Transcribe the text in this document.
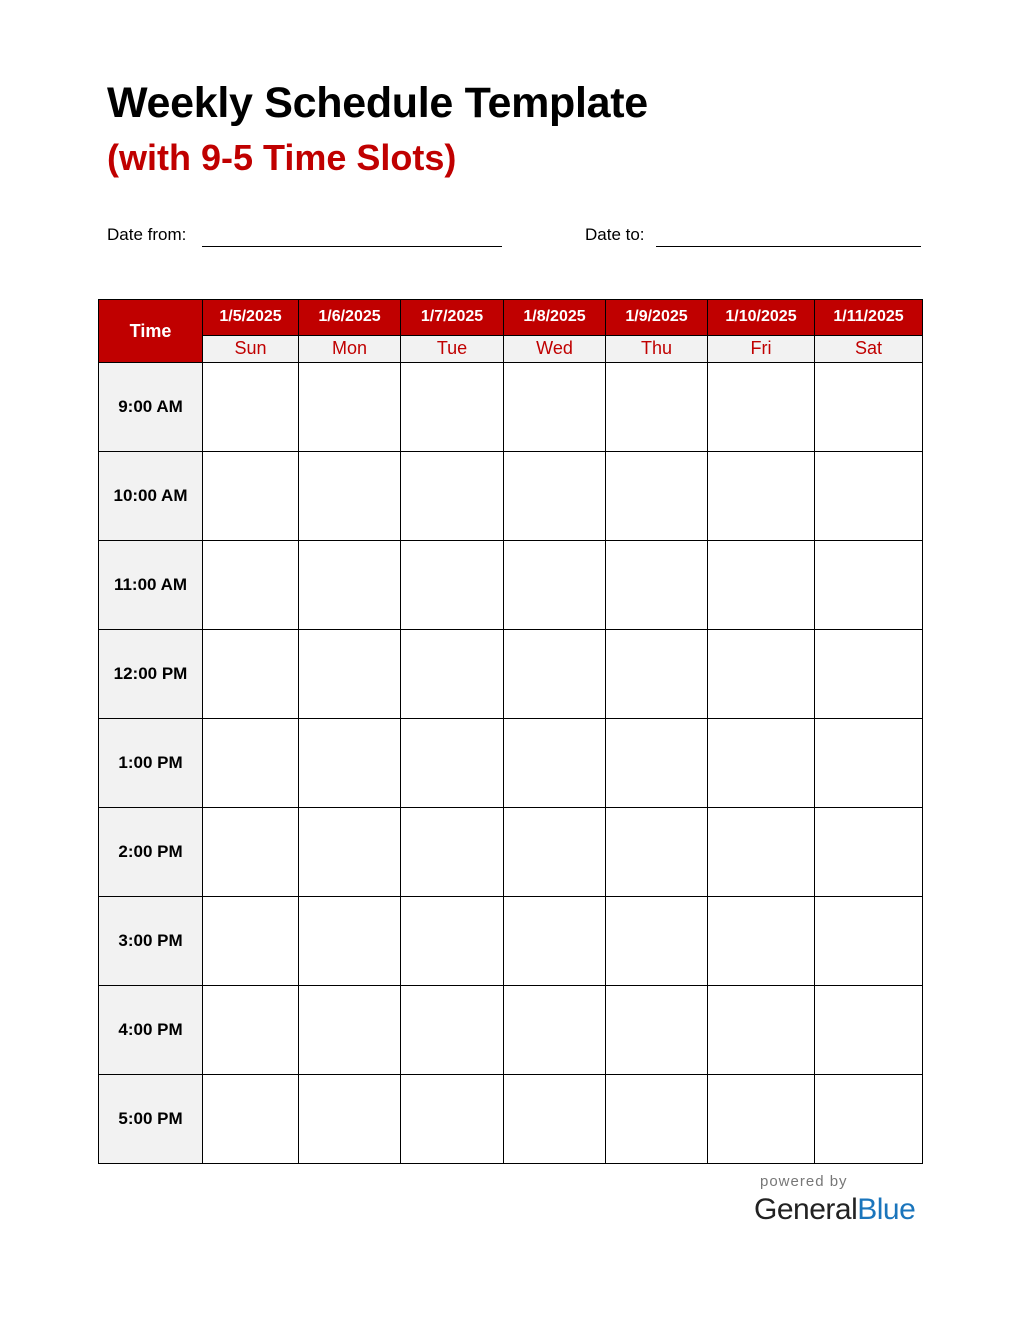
Weekly Schedule Template
(with 9-5 Time Slots)
Date from:	Date to:
Time	1/5/2025	1/6/2025	1/7/2025	1/8/2025	1/9/2025	1/10/2025	1/11/2025
	Sun	Mon	Tue	Wed	Thu	Fri	Sat
9:00 AM							
10:00 AM							
11:00 AM							
12:00 PM							
1:00 PM							
2:00 PM							
3:00 PM							
4:00 PM							
5:00 PM							
powered by
GeneralBlue
